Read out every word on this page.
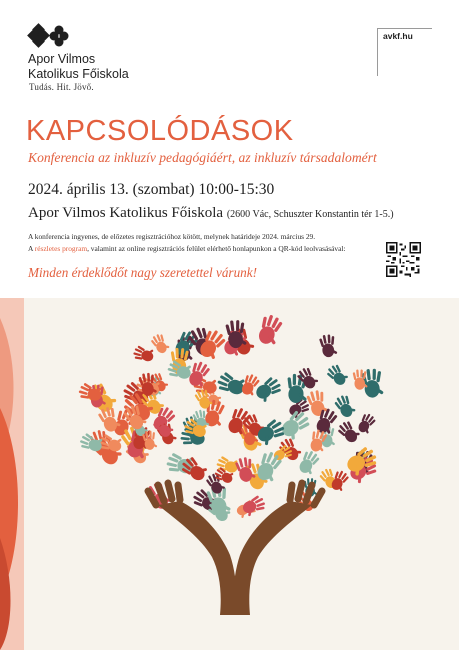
Apor Vilmos
Katolikus Főiskola
Tudás. Hit. Jövő.
avkf.hu
KAPCSOLÓDÁSOK
Konferencia az inkluzív pedagógiáért, az inkluzív társadalomért
2024. április 13. (szombat) 10:00-15:30
Apor Vilmos Katolikus Főiskola (2600 Vác, Schuszter Konstantin tér 1-5.)
A konferencia ingyenes, de előzetes regisztrációhoz kötött, melynek határideje 2024. március 29.
A részletes program, valamint az online regisztrációs felület elérhető honlapunkon a QR-kód leolvasásával:
Minden érdeklődőt nagy szeretettel várunk!
